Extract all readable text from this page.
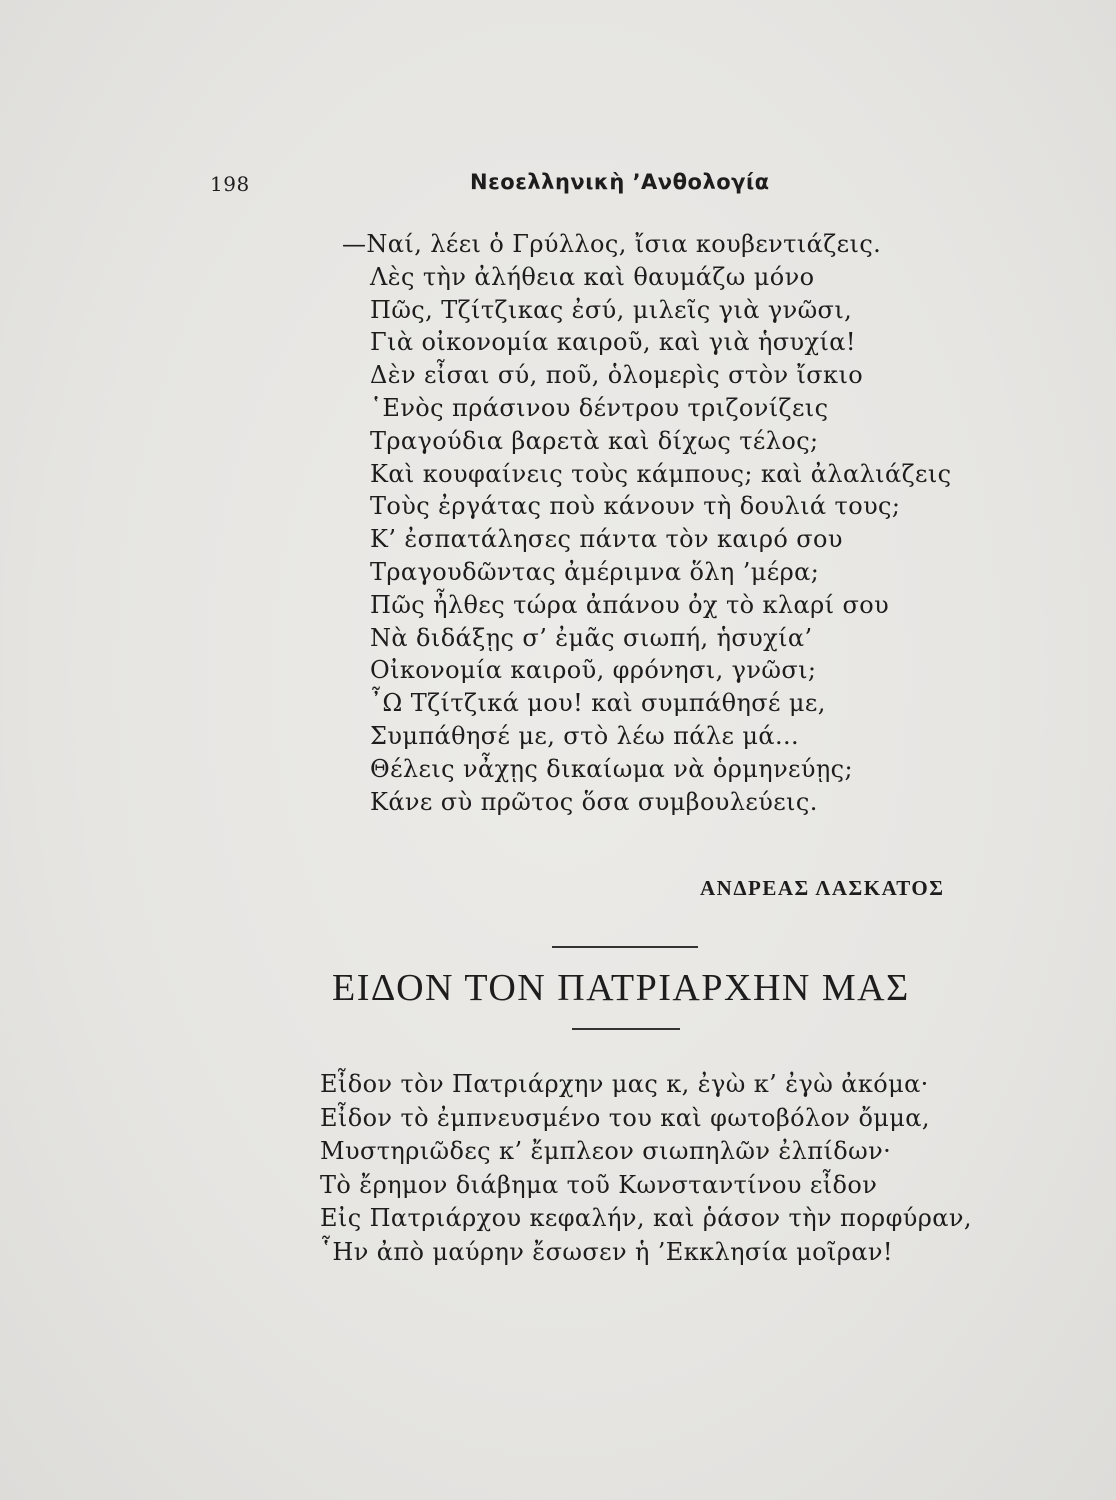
198	Νεοελληνικὴ ’Ανθολογία
—Ναί, λέει ὁ Γρύλλος, ἴσια κουβεντιάζεις.
Λὲς τὴν ἀλήθεια καὶ θαυμάζω μόνο
Πῶς, Τζίτζικας ἐσύ, μιλεῖς γιὰ γνῶσι,
Γιὰ οἰκονομία καιροῦ, καὶ γιὰ ἡσυχία!
Δὲν εἶσαι σύ, ποῦ, ὁλομερὶς στὸν ἴσκιο
῾Ενὸς πράσινου δέντρου τριζονίζεις
Τραγούδια βαρετὰ καὶ δίχως τέλος;
Καὶ κουφαίνεις τοὺς κάμπους; καὶ ἀλαλιάζεις
Τοὺς ἐργάτας ποὺ κάνουν τὴ δουλιά τους;
Κ’ ἐσπατάλησες πάντα τὸν καιρό σου
Τραγουδῶντας ἀμέριμνα ὅλη ’μέρα;
Πῶς ἦλθες τώρα ἀπάνου ὀχ τὸ κλαρί σου
Νὰ διδάξῃς σ’ ἐμᾶς σιωπή, ἡσυχία’
Οἰκονομία καιροῦ, φρόνησι, γνῶσι;
῏Ω Τζίτζικά μου! καὶ συμπάθησέ με,
Συμπάθησέ με, στὸ λέω πάλε μά...
Θέλεις νἆχῃς δικαίωμα νὰ ὁρμηνεύῃς;
Κάνε σὺ πρῶτος ὅσα συμβουλεύεις.
ΑΝΔΡΕΑΣ ΛΑΣΚΑΤΟΣ
ΕΙΔΟΝ ΤΟΝ ΠΑΤΡΙΑΡΧΗΝ ΜΑΣ
Εἶδον τὸν Πατριάρχην μας κ, ἐγὼ κ’ ἐγὼ ἀκόμα·
Εἶδον τὸ ἐμπνευσμένο του καὶ φωτοβόλον ὄμμα,
Μυστηριῶδες κ’ ἔμπλεον σιωπηλῶν ἐλπίδων·
Τὸ ἔρημον διάβημα τοῦ Κωνσταντίνου εἶδον
Εἰς Πατριάρχου κεφαλήν, καὶ ῥάσον τὴν πορφύραν,
῟Ην ἀπὸ μαύρην ἔσωσεν ἡ ’Εκκλησία μοῖραν!
